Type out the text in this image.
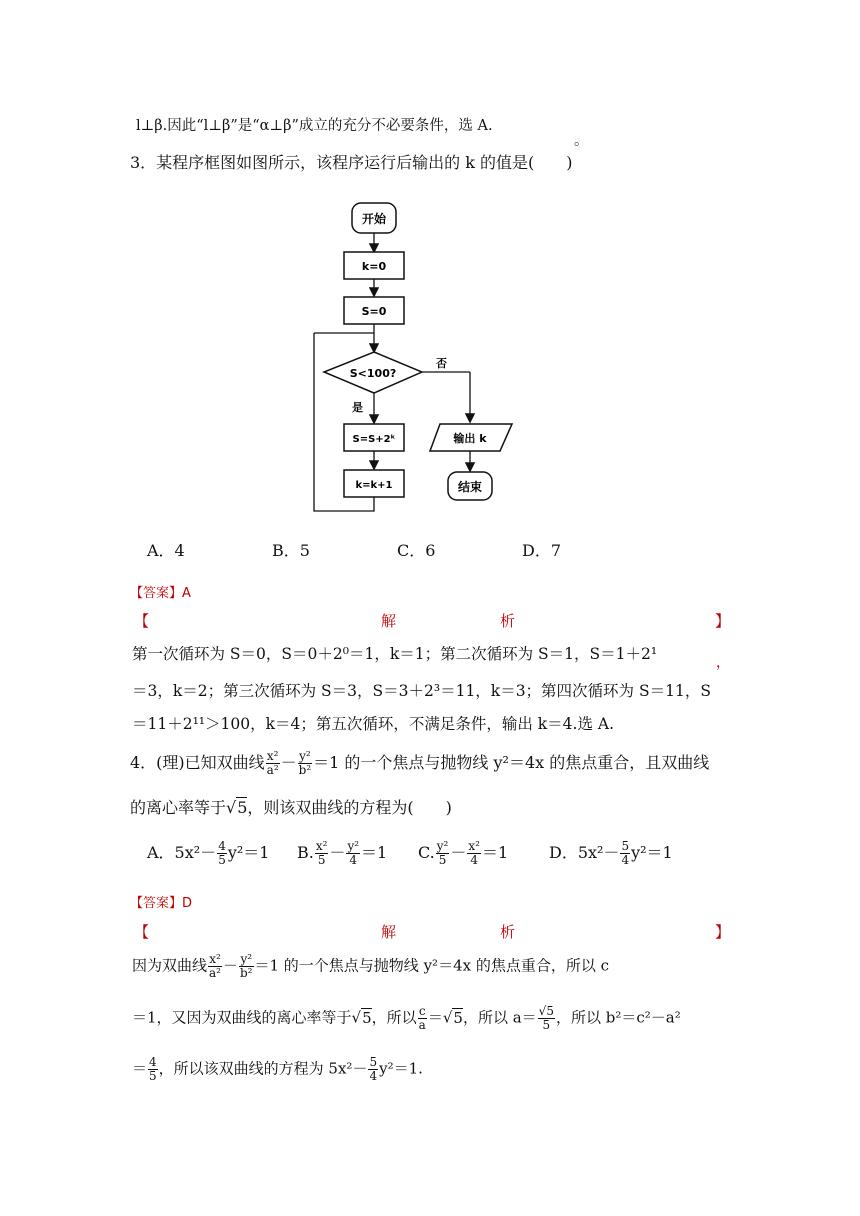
l⊥β.因此“l⊥β”是“α⊥β”成立的充分不必要条件，选 A.
。
3．某程序框图如图所示，该程序运行后输出的 k 的值是(　　)
开始
k=0
S=0
S<100?
否
是
S=S+2ᵏ
k=k+1
输出 k
结束
A．4	B．5	C．6	D．7
【答案】A
【	解	析	】
第一次循环为 S＝0，S＝0＋2⁰＝1，k＝1；第二次循环为 S＝1，S＝1＋2¹	，
＝3，k＝2；第三次循环为 S＝3，S＝3＋2³＝11，k＝3；第四次循环为 S＝11，S
＝11＋2¹¹＞100，k＝4；第五次循环，不满足条件，输出 k＝4.选 A.
4．(理)已知双曲线 $\frac{\text{x²}}{\text{a²}} - \frac{\text{y²}}{\text{b²}} =1$ 的一个焦点与抛物线 y²＝4x 的焦点重合，且双曲线
的离心率等于√5，则该双曲线的方程为(　　)
A．$5x^2- \frac{4}{5} y^2=1$ B. $\frac{\text{x²}}{5} - \frac{\text{y²}}{4} =1$ C. $\frac{\text{y²}}{5} - \frac{\text{x²}}{4} =1$	D．$5x^2- \frac{5}{4} y^2=1$
【答案】D
【	解	析	】
因为双曲线 $\frac{\text{x²}}{\text{a²}} - \frac{\text{y²}}{\text{b²}} =1$ 的一个焦点与抛物线 y²＝4x 的焦点重合，所以 c
＝1，又因为双曲线的离心率等于√5，所以 $\frac{c}{a} =√5$，所以 $a= \frac{√5}{5}$ ，所以 b²＝c²－a²
＝ $\frac{4}{5}$ ，所以该双曲线的方程为 $5x^2- \frac{5}{4} y^2=1$.
